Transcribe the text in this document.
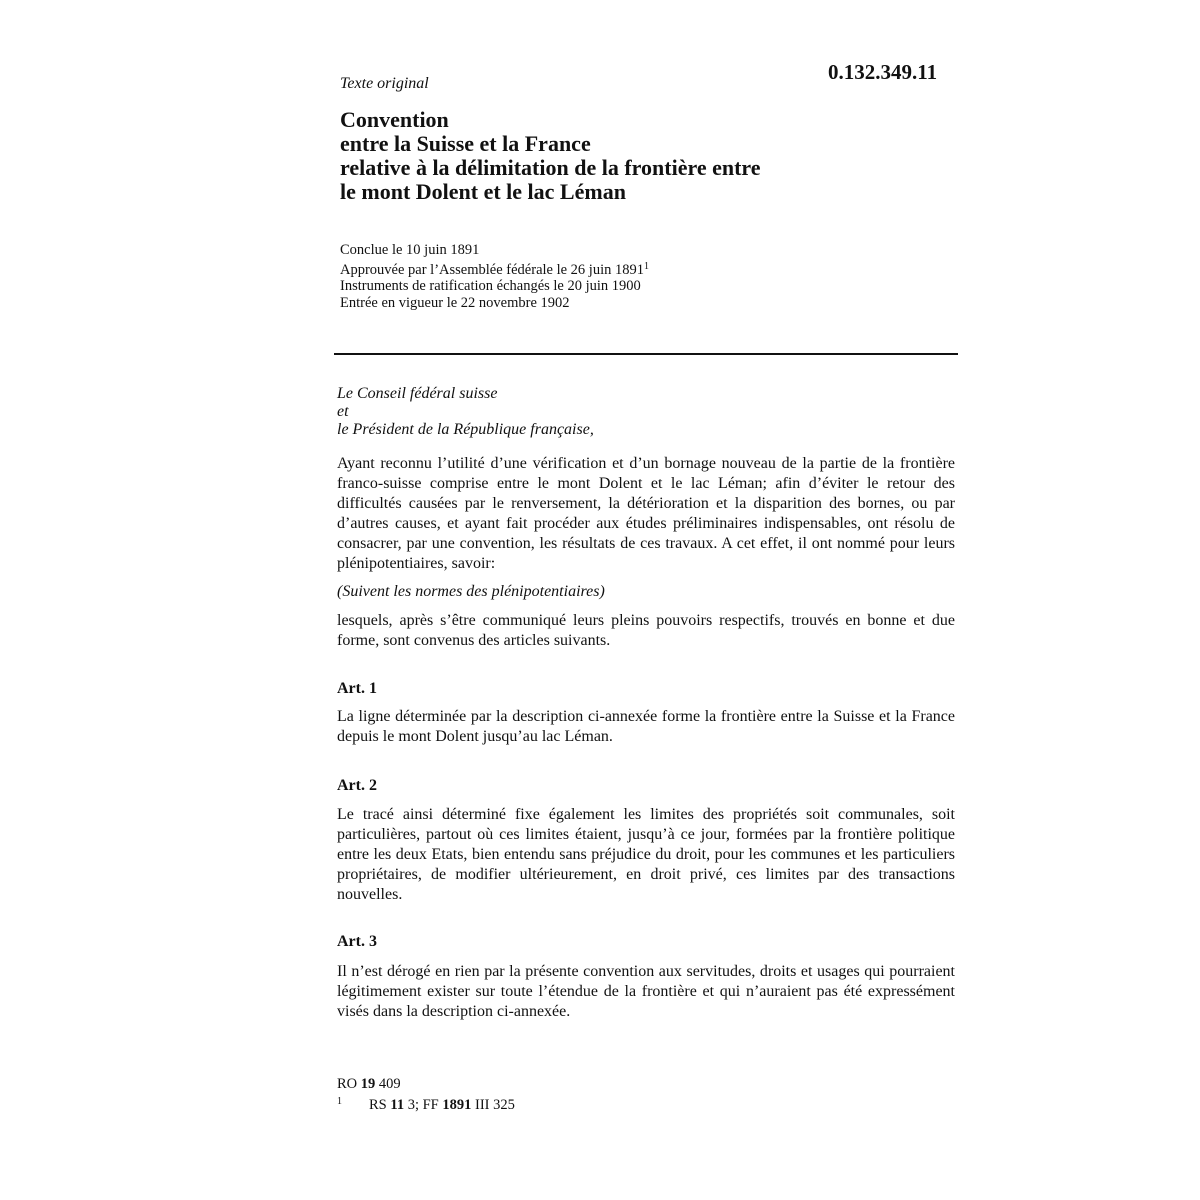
Texte original	0.132.349.11
Convention
entre la Suisse et la France
relative à la délimitation de la frontière entre
le mont Dolent et le lac Léman
Conclue le 10 juin 1891
Approuvée par l’Assemblée fédérale le 26 juin 1891$^1$
Instruments de ratification échangés le 20 juin 1900
Entrée en vigueur le 22 novembre 1902
Le Conseil fédéral suisse
et
le Président de la République française,
Ayant reconnu l’utilité d’une vérification et d’un bornage nouveau de la partie de la frontière franco-suisse comprise entre le mont Dolent et le lac Léman; afin d’éviter le retour des difficultés causées par le renversement, la détérioration et la disparition des bornes, ou par d’autres causes, et ayant fait procéder aux études préliminaires indispensables, ont résolu de consacrer, par une convention, les résultats de ces travaux. A cet effet, il ont nommé pour leurs plénipotentiaires, savoir:
(Suivent les normes des plénipotentiaires)
lesquels, après s’être communiqué leurs pleins pouvoirs respectifs, trouvés en bonne et due forme, sont convenus des articles suivants.
Art. 1
La ligne déterminée par la description ci-annexée forme la frontière entre la Suisse et la France depuis le mont Dolent jusqu’au lac Léman.
Art. 2
Le tracé ainsi déterminé fixe également les limites des propriétés soit communales, soit particulières, partout où ces limites étaient, jusqu’à ce jour, formées par la frontière politique entre les deux Etats, bien entendu sans préjudice du droit, pour les communes et les particuliers propriétaires, de modifier ultérieurement, en droit privé, ces limites par des transactions nouvelles.
Art. 3
Il n’est dérogé en rien par la présente convention aux servitudes, droits et usages qui pourraient légitimement exister sur toute l’étendue de la frontière et qui n’auraient pas été expressément visés dans la description ci-annexée.
RO 19 409
1 RS 11 3; FF 1891 III 325
